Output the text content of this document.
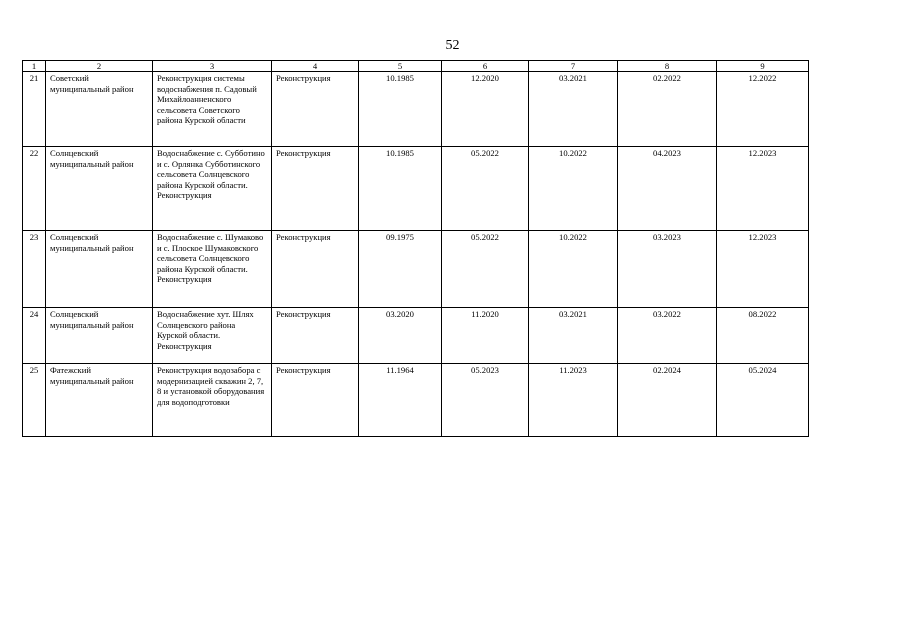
52
1	2	3	4	5	6	7	8	9
21	Советский муниципальный район	Реконструкция системы водоснабжения п. Садовый Михайлоанненского сельсовета Советского района Курской области	Реконструкция	10.1985	12.2020	03.2021	02.2022	12.2022
22	Солнцевский муниципальный район	Водоснабжение с. Субботино и с. Орлянка Субботинского сельсовета Солнцевского района Курской области. Реконструкция	Реконструкция	10.1985	05.2022	10.2022	04.2023	12.2023
23	Солнцевский муниципальный район	Водоснабжение с. Шумаково и с. Плоское Шумаковского сельсовета Солнцевского района Курской области. Реконструкция	Реконструкция	09.1975	05.2022	10.2022	03.2023	12.2023
24	Солнцевский муниципальный район	Водоснабжение хут. Шлях Солнцевского района Курской области. Реконструкция	Реконструкция	03.2020	11.2020	03.2021	03.2022	08.2022
25	Фатежский муниципальный район	Реконструкция водозабора с модернизацией скважин 2, 7, 8 и установкой оборудования для водоподготовки	Реконструкция	11.1964	05.2023	11.2023	02.2024	05.2024
